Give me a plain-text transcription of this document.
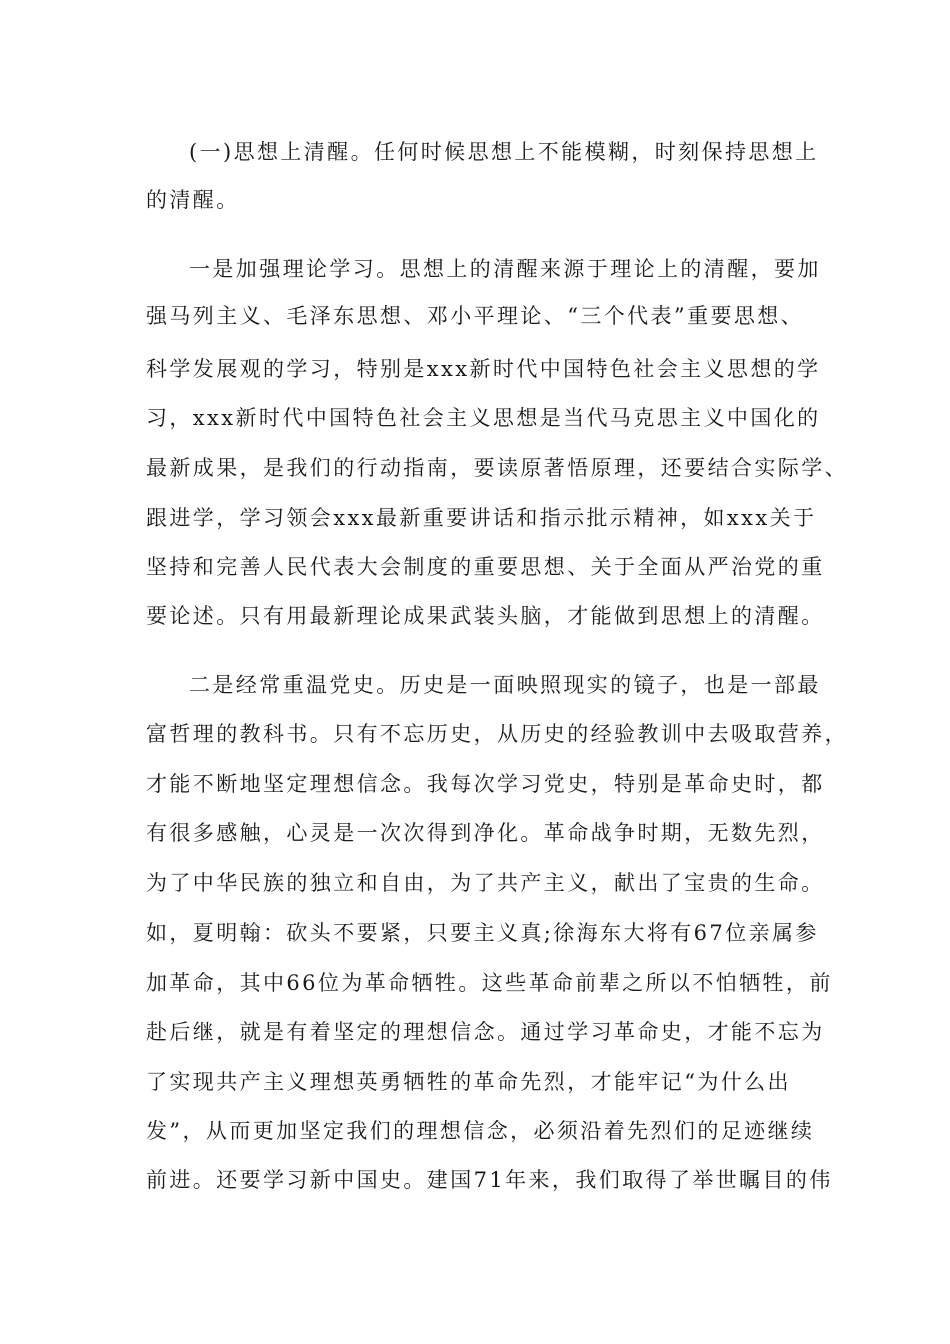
(一)思想上清醒。任何时候思想上不能模糊，时刻保持思想上
的清醒。
一是加强理论学习。思想上的清醒来源于理论上的清醒，要加
强马列主义、毛泽东思想、邓小平理论、“三个代表”重要思想、
科学发展观的学习，特别是xxx新时代中国特色社会主义思想的学
习，xxx新时代中国特色社会主义思想是当代马克思主义中国化的
最新成果，是我们的行动指南，要读原著悟原理，还要结合实际学、
跟进学，学习领会xxx最新重要讲话和指示批示精神，如xxx关于
坚持和完善人民代表大会制度的重要思想、关于全面从严治党的重
要论述。只有用最新理论成果武装头脑，才能做到思想上的清醒。
二是经常重温党史。历史是一面映照现实的镜子，也是一部最
富哲理的教科书。只有不忘历史，从历史的经验教训中去吸取营养，
才能不断地坚定理想信念。我每次学习党史，特别是革命史时，都
有很多感触，心灵是一次次得到净化。革命战争时期，无数先烈，
为了中华民族的独立和自由，为了共产主义，献出了宝贵的生命。
如，夏明翰：砍头不要紧，只要主义真;徐海东大将有67位亲属参
加革命，其中66位为革命牺牲。这些革命前辈之所以不怕牺牲，前
赴后继，就是有着坚定的理想信念。通过学习革命史，才能不忘为
了实现共产主义理想英勇牺牲的革命先烈，才能牢记“为什么出
发”，从而更加坚定我们的理想信念，必须沿着先烈们的足迹继续
前进。还要学习新中国史。建国71年来，我们取得了举世瞩目的伟
